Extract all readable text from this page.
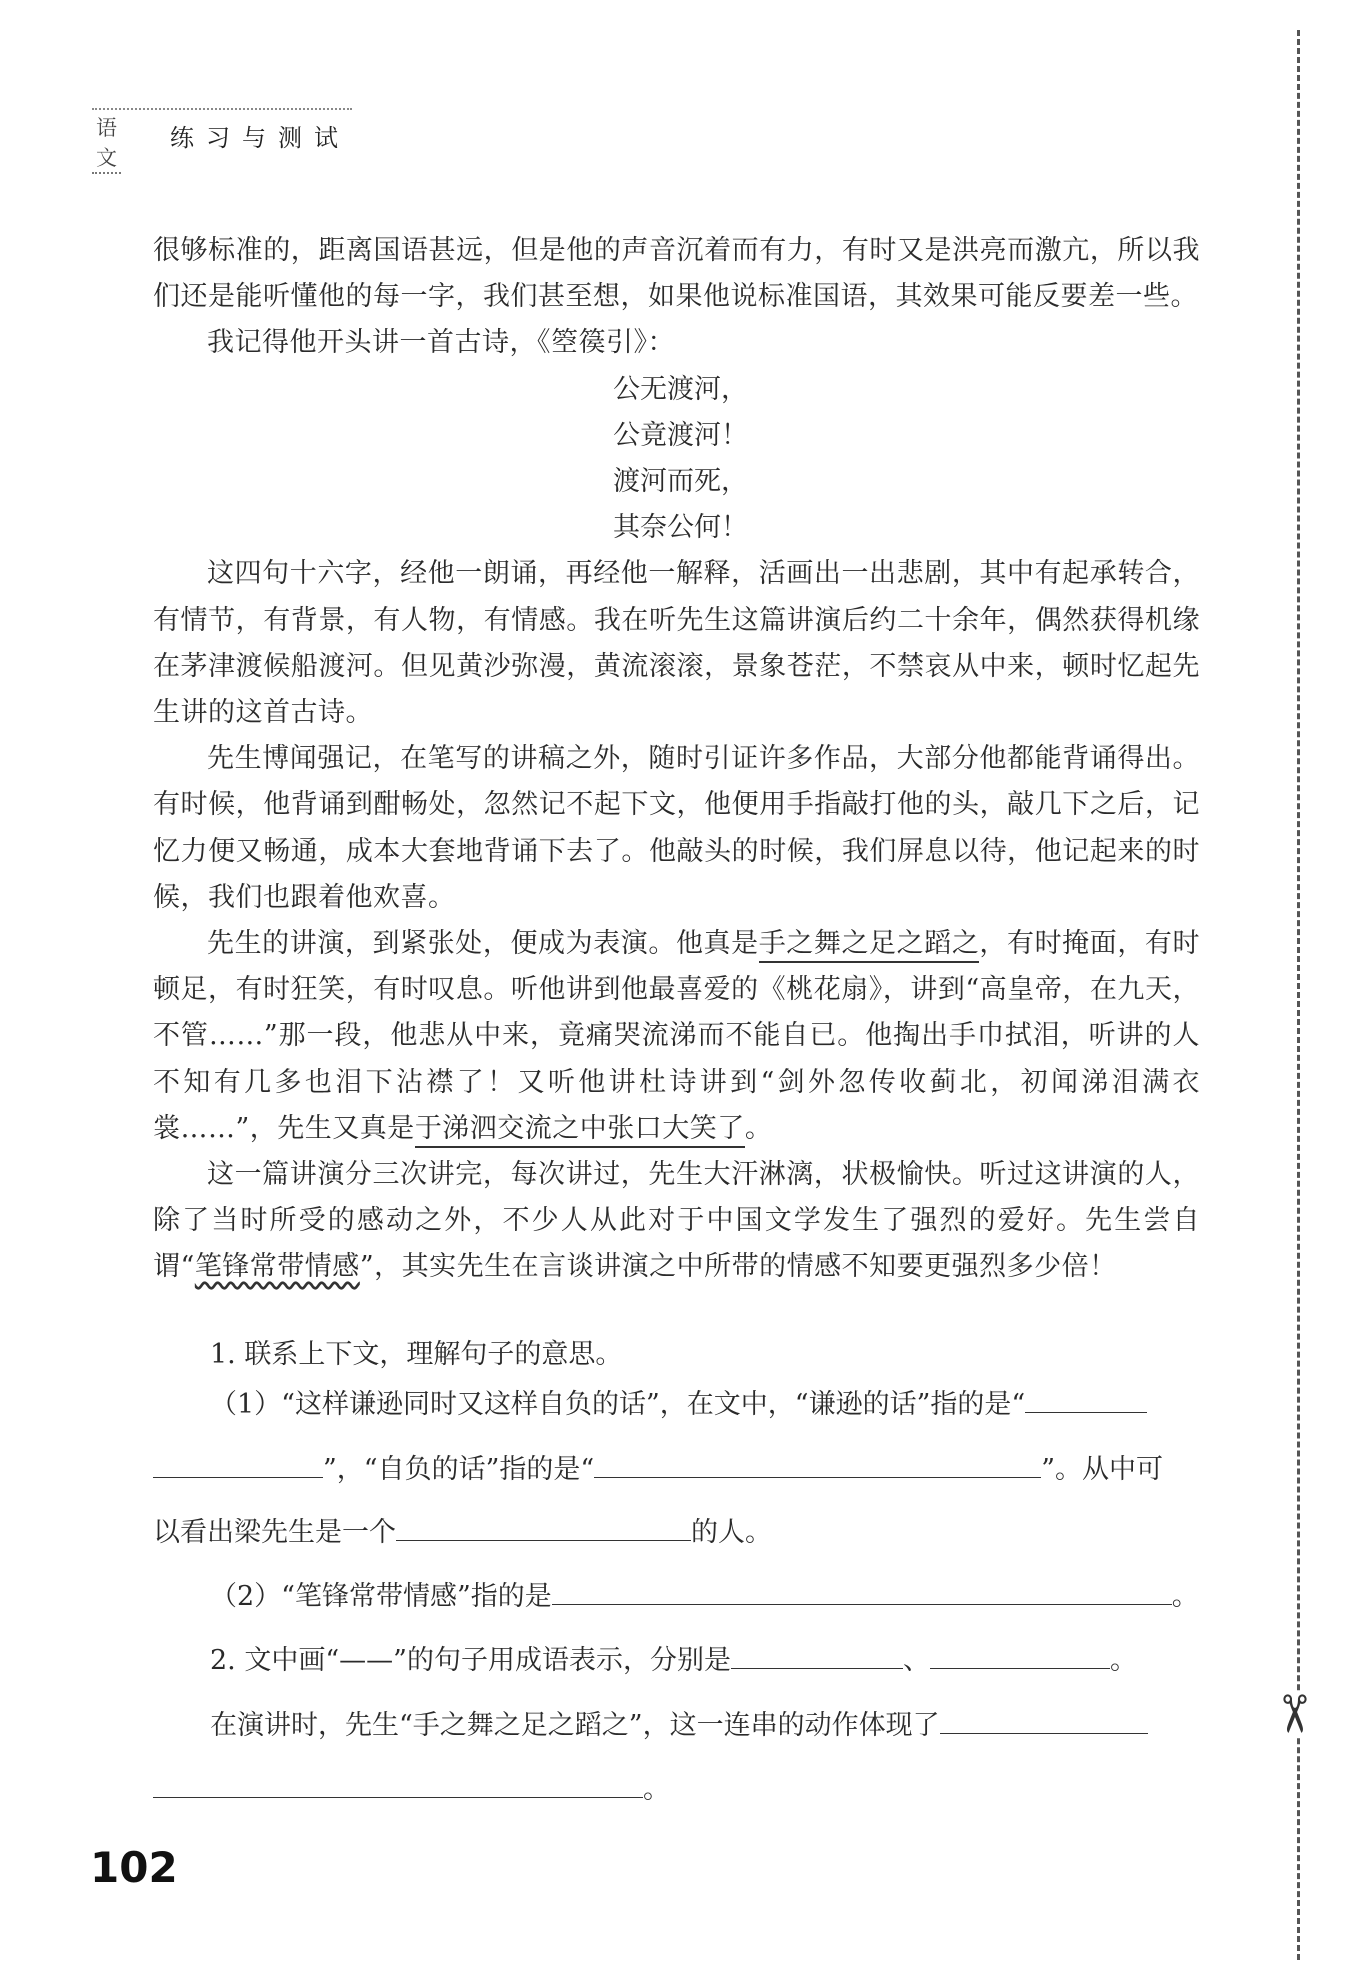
语文
练习与测试

很够标准的，距离国语甚远，但是他的声音沉着而有力，有时又是洪亮而激亢，所以我们还是能听懂他的每一字，我们甚至想，如果他说标准国语，其效果可能反要差一些。

我记得他开头讲一首古诗，《箜篌引》：

公无渡河，
公竟渡河！
渡河而死，
其奈公何！

这四句十六字，经他一朗诵，再经他一解释，活画出一出悲剧，其中有起承转合，有情节，有背景，有人物，有情感。我在听先生这篇讲演后约二十余年，偶然获得机缘在茅津渡候船渡河。但见黄沙弥漫，黄流滚滚，景象苍茫，不禁哀从中来，顿时忆起先生讲的这首古诗。

先生博闻强记，在笔写的讲稿之外，随时引证许多作品，大部分他都能背诵得出。有时候，他背诵到酣畅处，忽然记不起下文，他便用手指敲打他的头，敲几下之后，记忆力便又畅通，成本大套地背诵下去了。他敲头的时候，我们屏息以待，他记起来的时候，我们也跟着他欢喜。

先生的讲演，到紧张处，便成为表演。他真是手之舞之足之蹈之，有时掩面，有时顿足，有时狂笑，有时叹息。听他讲到他最喜爱的《桃花扇》，讲到“高皇帝，在九天，不管……”那一段，他悲从中来，竟痛哭流涕而不能自已。他掏出手巾拭泪，听讲的人不知有几多也泪下沾襟了！又听他讲杜诗讲到“剑外忽传收蓟北，初闻涕泪满衣裳……”，先生又真是于涕泗交流之中张口大笑了。

这一篇讲演分三次讲完，每次讲过，先生大汗淋漓，状极愉快。听过这讲演的人，除了当时所受的感动之外，不少人从此对于中国文学发生了强烈的爱好。先生尝自谓“笔锋常带情感”，其实先生在言谈讲演之中所带的情感不知要更强烈多少倍！

1. 联系上下文，理解句子的意思。

（1）“这样谦逊同时又这样自负的话”，在文中，“谦逊的话”指的是“

”，“自负的话”指的是“	”。从中可

以看出梁先生是一个	的人。

（2）“笔锋常带情感”指的是	。

2. 文中画“——”的句子用成语表示，分别是	、	。

在演讲时，先生“手之舞之足之蹈之”，这一连串的动作体现了

。

102
✂
